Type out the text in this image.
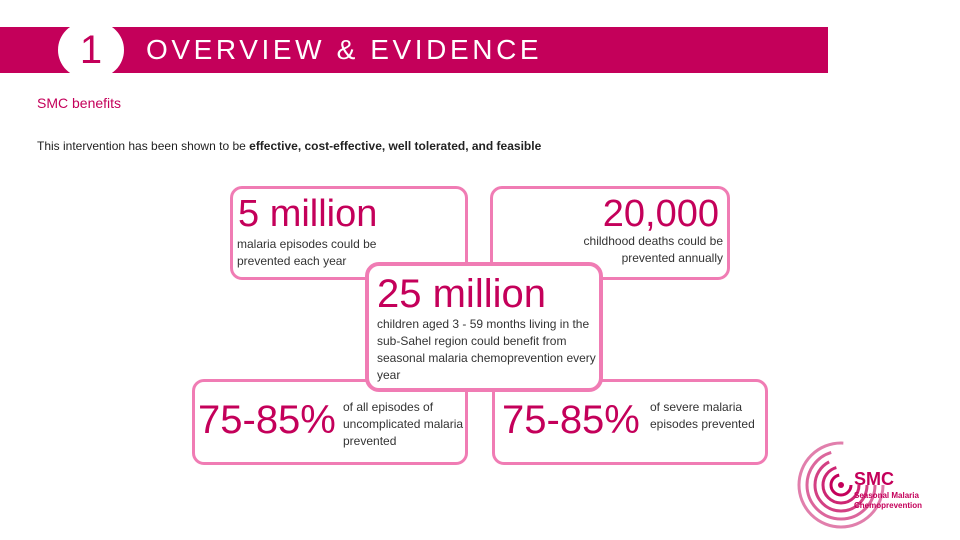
1	OVERVIEW & EVIDENCE
SMC benefits
This intervention has been shown to be effective, cost-effective, well tolerated, and feasible
5 million
malaria episodes could be prevented each year
20,000
childhood deaths could be prevented annually
75-85% of all episodes of uncomplicated malaria prevented	75-85% of severe malaria episodes prevented
25 million
children aged 3 - 59 months living in the sub-Sahel region could benefit from seasonal malaria chemoprevention every year
SMC
Seasonal Malaria
Chemoprevention
